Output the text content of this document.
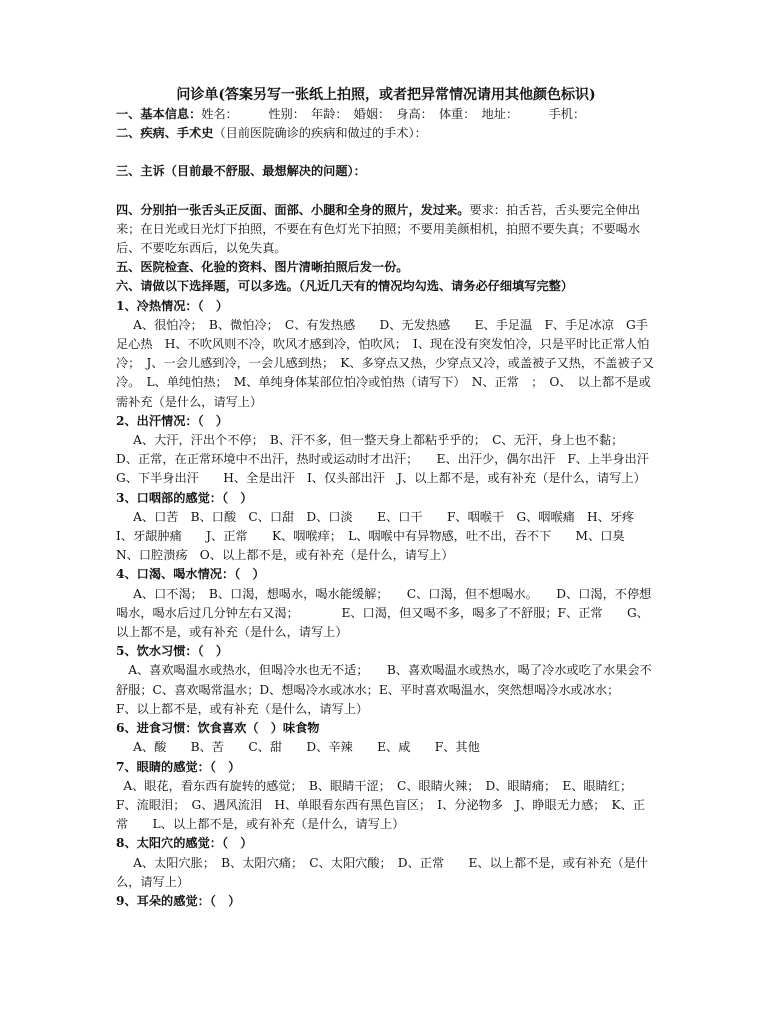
问诊单(答案另写一张纸上拍照，或者把异常情况请用其他颜色标识)

一、基本信息：姓名：　　　性别：　年龄：　婚姻：　身高：　体重：　地址：　　　手机：

二、疾病、手术史（目前医院确诊的疾病和做过的手术）：

三、主诉（目前最不舒服、最想解决的问题）：

四、分别拍一张舌头正反面、面部、小腿和全身的照片，发过来。要求：拍舌苔，舌头要完全伸出来；在日光或日光灯下拍照，不要在有色灯光下拍照；不要用美颜相机，拍照不要失真；不要喝水后、不要吃东西后，以免失真。

五、医院检查、化验的资料、图片清晰拍照后发一份。

六、请做以下选择题，可以多选。（凡近几天有的情况均勾选、请务必仔细填写完整）

1、冷热情况：（　）

A、很怕冷；　B、微怕冷；　C、有发热感　　D、无发热感　　E、手足温　F、手足冰凉　G手足心热　H、不吹风则不冷，吹风才感到冷，怕吹风；　I、现在没有突发怕冷，只是平时比正常人怕冷；　J、一会儿感到冷，一会儿感到热；　K、多穿点又热，少穿点又冷，或盖被子又热，不盖被子又冷。　L、单纯怕热；　M、单纯身体某部位怕冷或怕热（请写下）　N、正常　；　O、　以上都不是或需补充（是什么，请写上）

2、出汗情况：（　）

A、大汗，汗出个不停；　B、汗不多，但一整天身上都粘乎乎的；　C、无汗，身上也不黏；　　D、正常，在正常环境中不出汗，热时或运动时才出汗；　　E、出汗少，偶尔出汗　F、上半身出汗　　G、下半身出汗　　H、全是出汗　I、仅头部出汗　J、以上都不是，或有补充（是什么，请写上）

3、口咽部的感觉：（　）

A、口苦　B、口酸　C、口甜　D、口淡　　E、口干　　F、咽喉干　G、咽喉痛　H、牙疼　I、牙龈肿痛　　J、正常　　K、咽喉痒；　L、咽喉中有异物感，吐不出，吞不下　　M、口臭　N、口腔溃疡　O、以上都不是，或有补充（是什么，请写上）

4、口渴、喝水情况：（　）

A、口不渴；　B、口渴，想喝水，喝水能缓解；　　C、口渴，但不想喝水。　　D、口渴，不停想喝水，喝水后过几分钟左右又渴；　　　　E、口渴，但又喝不多，喝多了不舒服；F、正常　　G、以上都不是，或有补充（是什么，请写上）

5、饮水习惯：（　）

A、喜欢喝温水或热水，但喝冷水也无不适；　　B、喜欢喝温水或热水，喝了冷水或吃了水果会不舒服；C、喜欢喝常温水；D、想喝冷水或冰水；E、平时喜欢喝温水，突然想喝冷水或冰水；　　F、以上都不是，或有补充（是什么，请写上）

6、进食习惯：饮食喜欢（　）味食物

A、酸　　B、苦　　C、甜　　D、辛辣　　E、咸　　F、其他

7、眼睛的感觉：（　）

A、眼花，看东西有旋转的感觉；　B、眼睛干涩；　C、眼睛火辣；　D、眼睛痛；　E、眼睛红；　F、流眼泪；　G、遇风流泪　H、单眼看东西有黑色盲区；　I、分泌物多　J、睁眼无力感；　K、正常　　L、以上都不是，或有补充（是什么，请写上）

8、太阳穴的感觉：（　）

A、太阳穴胀；　B、太阳穴痛；　C、太阳穴酸；　D、正常　　E、以上都不是，或有补充（是什么，请写上）

9、耳朵的感觉：（　）
